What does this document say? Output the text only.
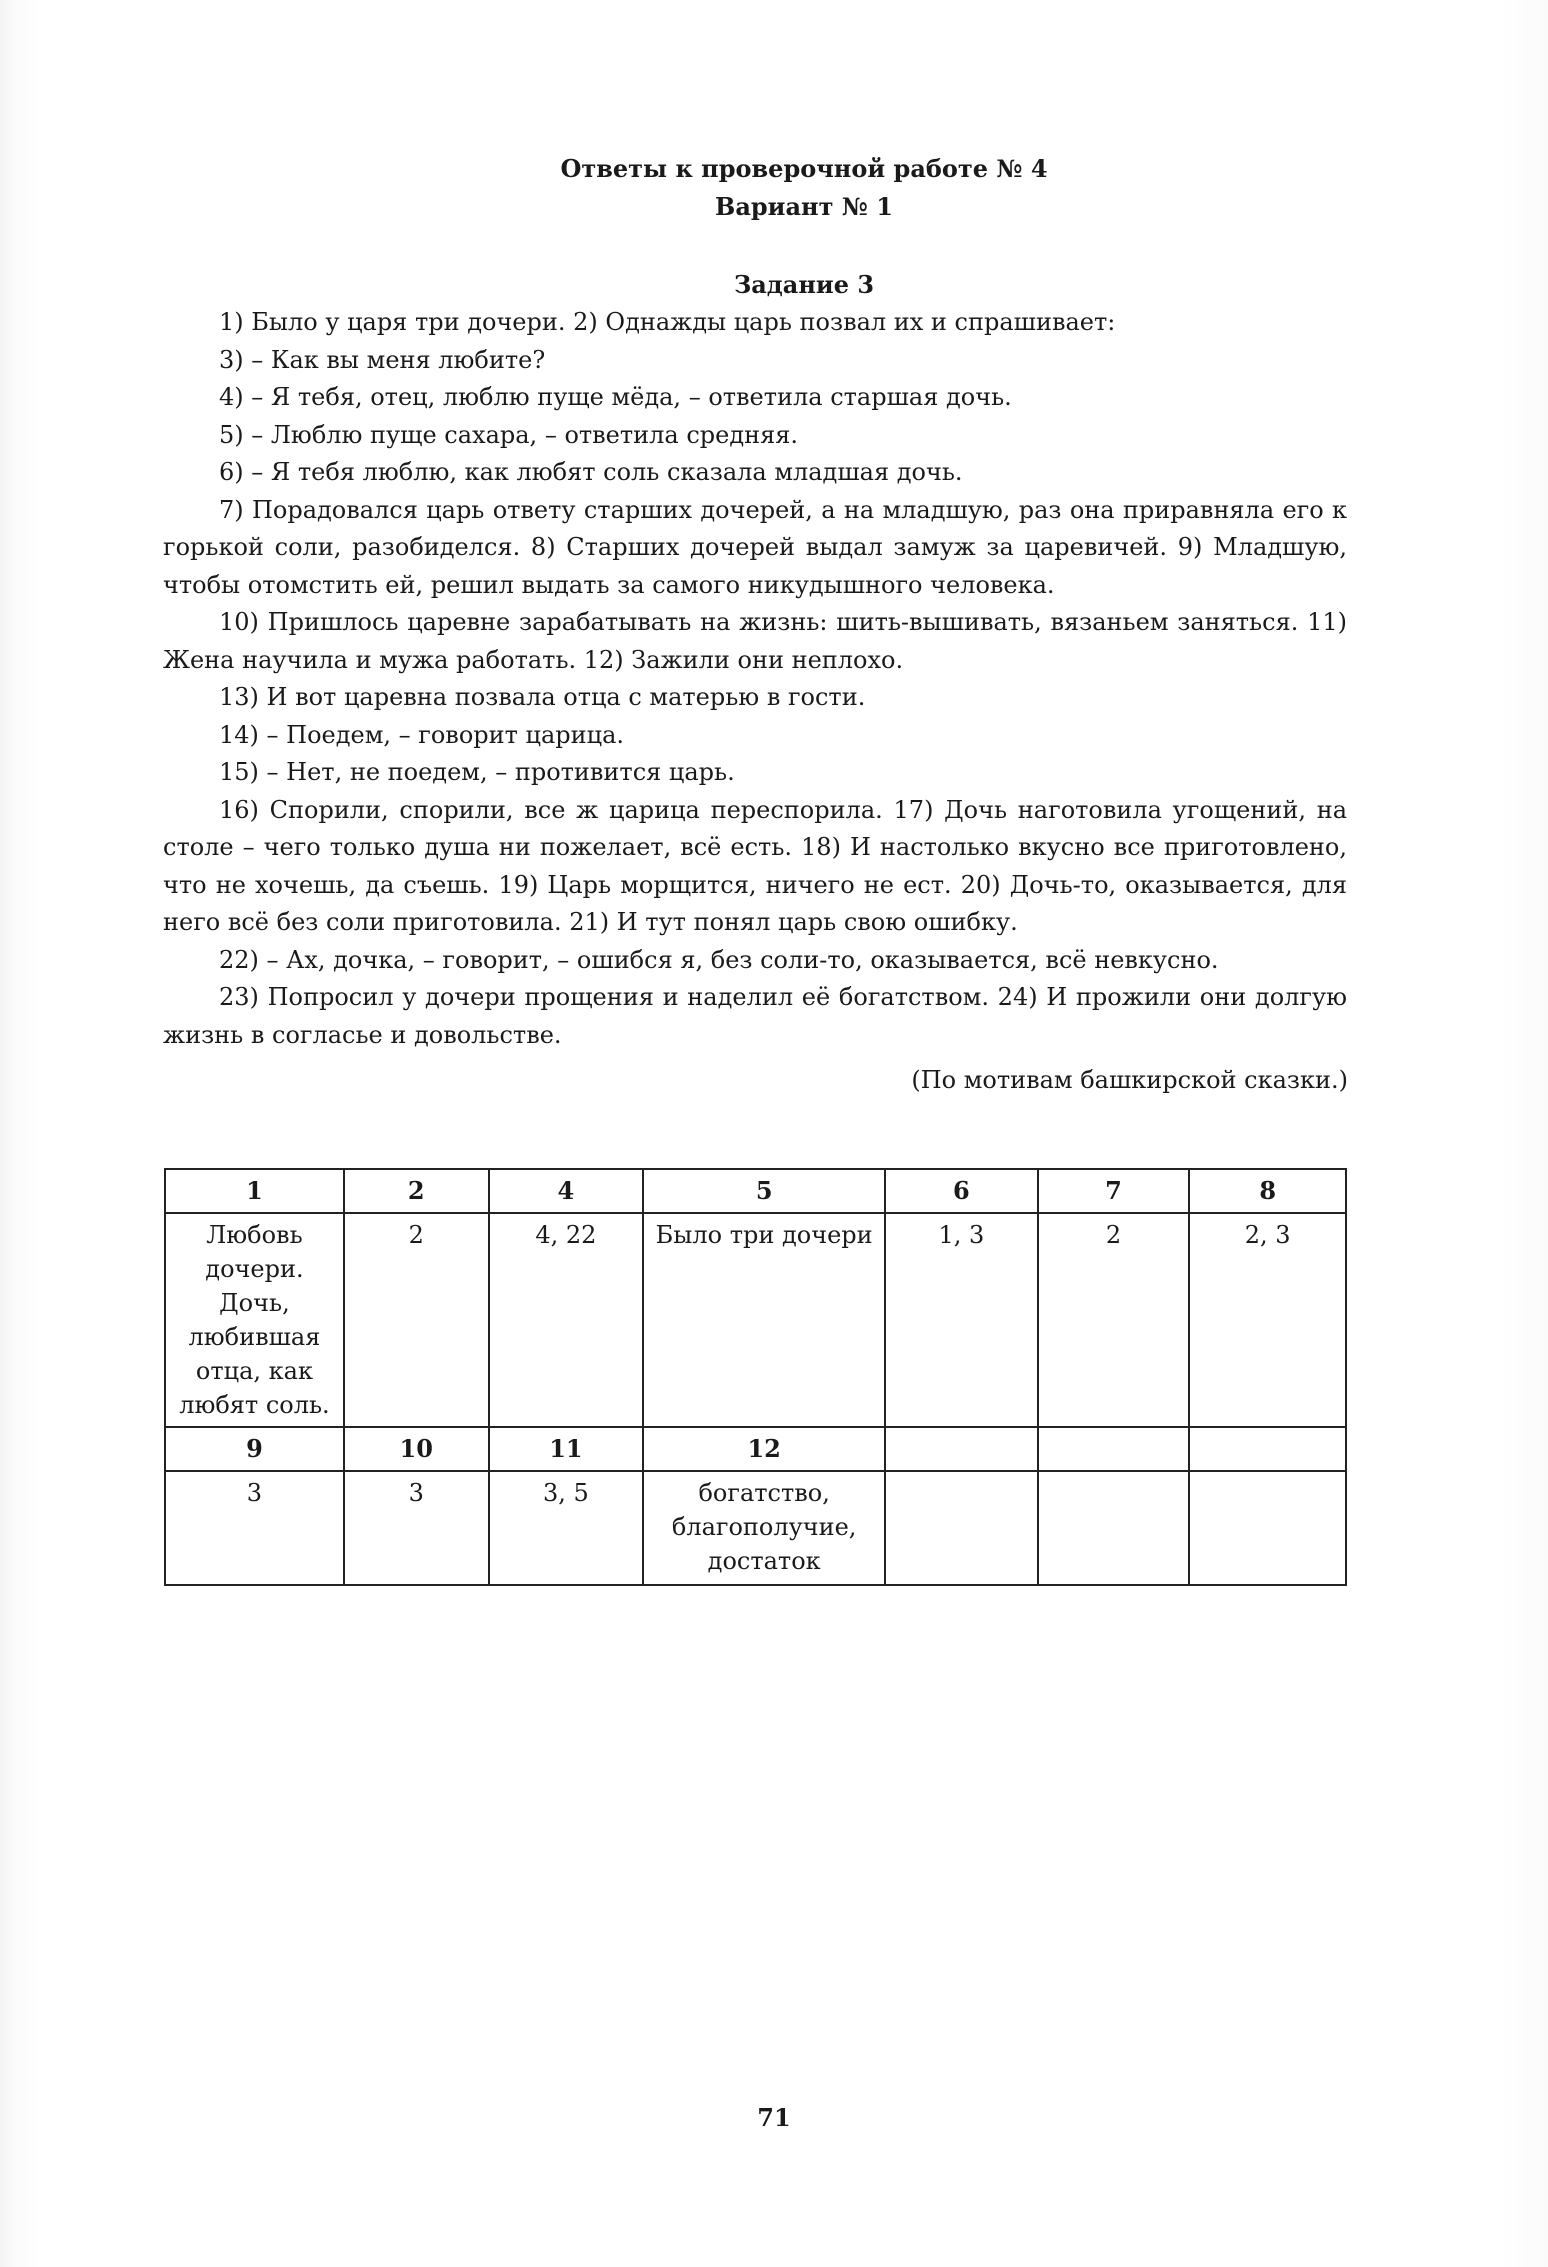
Ответы к проверочной работе № 4
Вариант № 1
Задание 3

1) Было у царя три дочери. 2) Однажды царь позвал их и спрашивает:

3) – Как вы меня любите?

4) – Я тебя, отец, люблю пуще мёда, – ответила старшая дочь.

5) – Люблю пуще сахара, – ответила средняя.

6) – Я тебя люблю, как любят соль сказала младшая дочь.

7) Порадовался царь ответу старших дочерей, а на младшую, раз она приравняла его к горькой соли, разобиделся. 8) Старших дочерей выдал замуж за царевичей. 9) Младшую, чтобы отомстить ей, решил выдать за самого никудышного человека.

10) Пришлось царевне зарабатывать на жизнь: шить-вышивать, вязаньем заняться. 11) Жена научила и мужа работать. 12) Зажили они неплохо.

13) И вот царевна позвала отца с матерью в гости.

14) – Поедем, – говорит царица.

15) – Нет, не поедем, – противится царь.

16) Спорили, спорили, все ж царица переспорила. 17) Дочь наготовила угощений, на столе – чего только душа ни пожелает, всё есть. 18) И настолько вкусно все приготовлено, что не хочешь, да съешь. 19) Царь морщится, ничего не ест. 20) Дочь-то, оказывается, для него всё без соли приготовила. 21) И тут понял царь свою ошибку.

22) – Ах, дочка, – говорит, – ошибся я, без соли-то, оказывается, всё невкусно.

23) Попросил у дочери прощения и наделил её богатством. 24) И прожили они долгую жизнь в согласье и довольстве.

(По мотивам башкирской сказки.)
1	2	4	5	6	7	8
Любовь дочери. Дочь, любившая отца, как любят соль.	2	4, 22	Было три дочери	1, 3	2	2, 3
9	10	11	12			
3	3	3, 5	богатство, благополучие, достаток			
71
